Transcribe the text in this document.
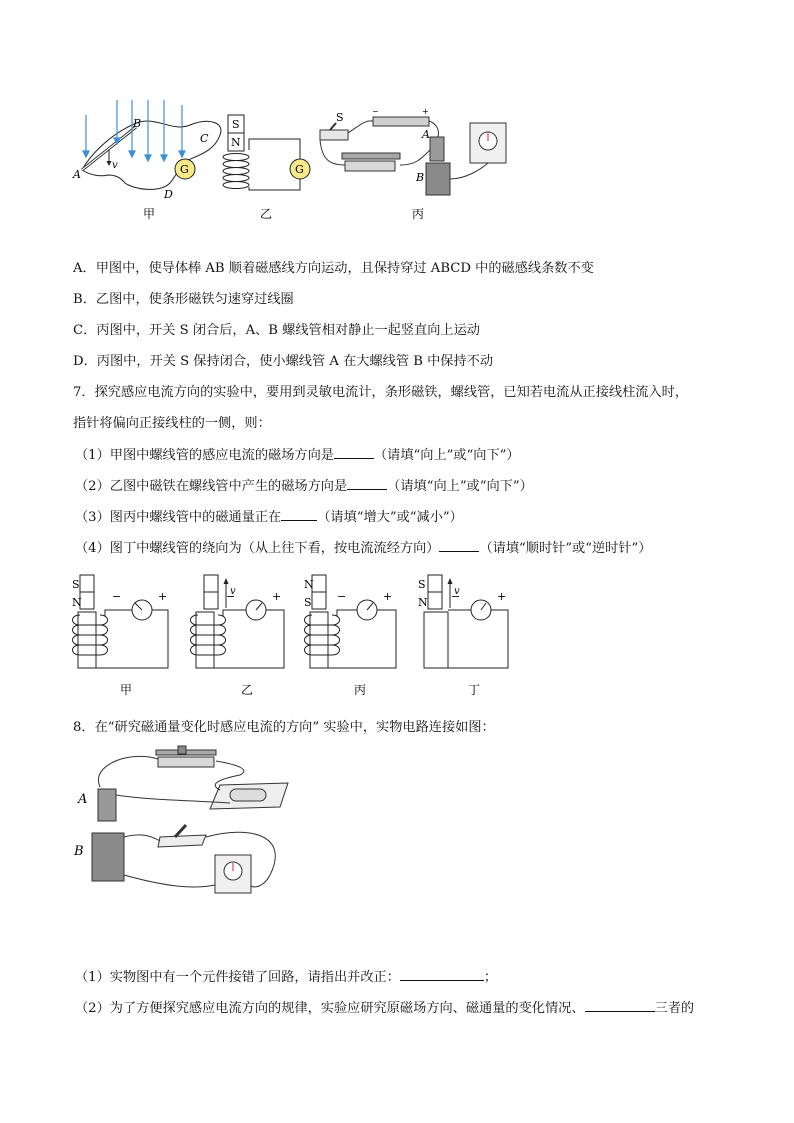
G
v
A
B
C
D
S
N
G
S	−	+
A
B
甲	乙	丙
A．甲图中，使导体棒 AB 顺着磁感线方向运动，且保持穿过 ABCD 中的磁感线条数不变
B．乙图中，使条形磁铁匀速穿过线圈
C．丙图中，开关 S 闭合后，A、B 螺线管相对静止一起竖直向上运动
D．丙图中，开关 S 保持闭合，使小螺线管 A 在大螺线管 B 中保持不动
7．探究感应电流方向的实验中，要用到灵敏电流计，条形磁铁，螺线管，已知若电流从正接线柱流入时，
指针将偏向正接线柱的一侧，则：
（1）甲图中螺线管的感应电流的磁场方向是	（请填“向上”或“向下”）
（2）乙图中磁铁在螺线管中产生的磁场方向是	（请填“向上”或“向下”）
（3）图丙中螺线管中的磁通量正在	（请填“增大”或“减小”）
（4）图丁中螺线管的绕向为（从上往下看，按电流流经方向）	（请填“顺时针”或“逆时针”）
S
N
N
S
S
N
甲	乙	丙	丁
8．在“研究磁通量变化时感应电流的方向” 实验中，实物电路连接如图：
A
B
（1）实物图中有一个元件接错了回路，请指出并改正：	；
（2）为了方便探究感应电流方向的规律，实验应研究原磁场方向、磁通量的变化情况、	三者的
